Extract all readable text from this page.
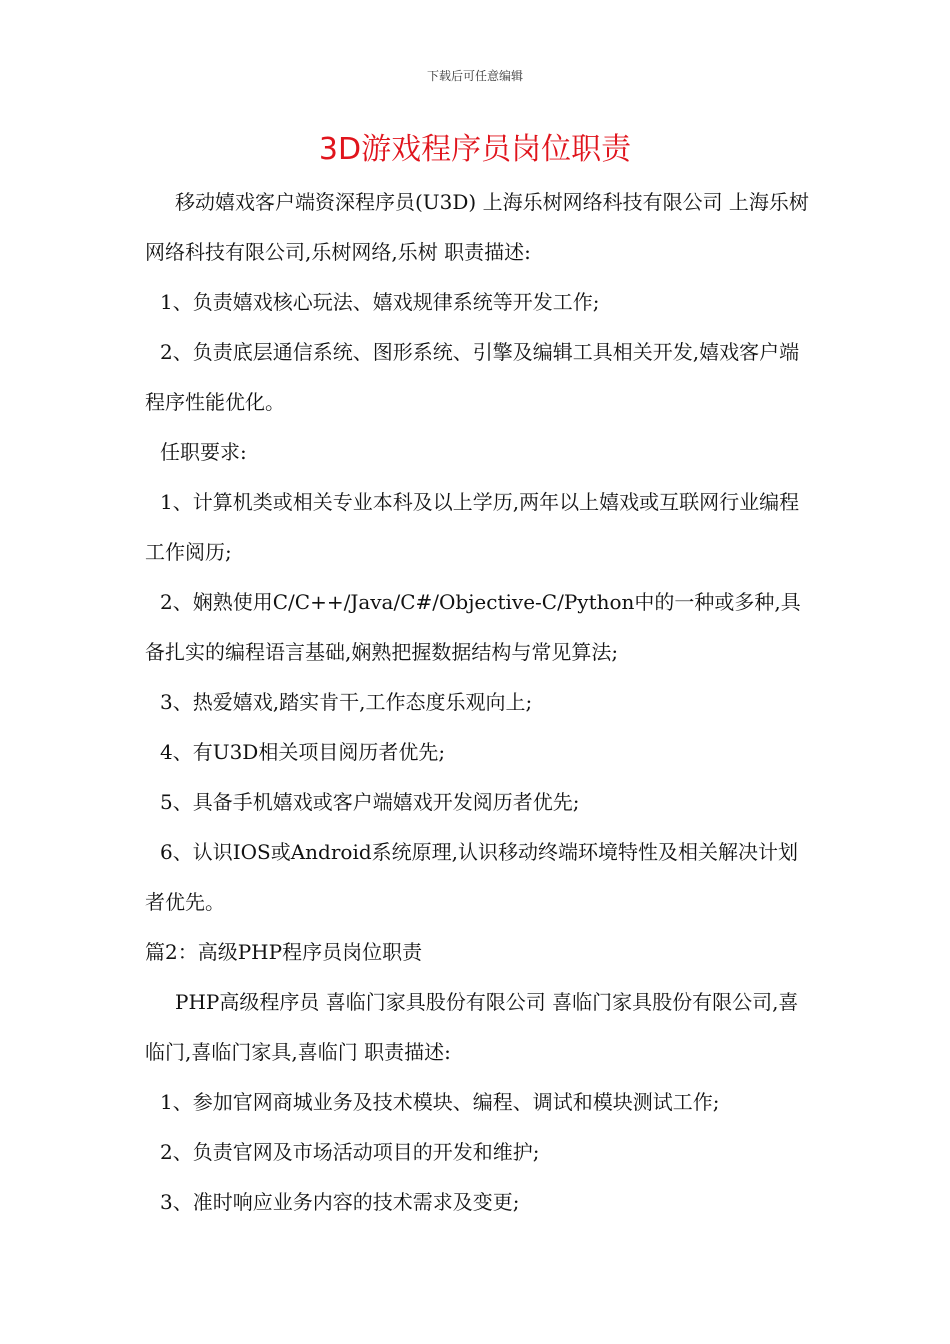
下载后可任意编辑
3D游戏程序员岗位职责

移动嬉戏客户端资深程序员(U3D) 上海乐树网络科技有限公司 上海乐树网络科技有限公司,乐树网络,乐树 职责描述:

1、负责嬉戏核心玩法、嬉戏规律系统等开发工作;

2、负责底层通信系统、图形系统、引擎及编辑工具相关开发,嬉戏客户端程序性能优化。

任职要求:

1、计算机类或相关专业本科及以上学历,两年以上嬉戏或互联网行业编程工作阅历;

2、娴熟使用C/C++/Java/C#/Objective-C/Python中的一种或多种,具备扎实的编程语言基础,娴熟把握数据结构与常见算法;

3、热爱嬉戏,踏实肯干,工作态度乐观向上;

4、有U3D相关项目阅历者优先;

5、具备手机嬉戏或客户端嬉戏开发阅历者优先;

6、认识IOS或Android系统原理,认识移动终端环境特性及相关解决计划者优先。

篇2：高级PHP程序员岗位职责

PHP高级程序员 喜临门家具股份有限公司 喜临门家具股份有限公司,喜临门,喜临门家具,喜临门 职责描述:

1、参加官网商城业务及技术模块、编程、调试和模块测试工作;

2、负责官网及市场活动项目的开发和维护;

3、准时响应业务内容的技术需求及变更;
